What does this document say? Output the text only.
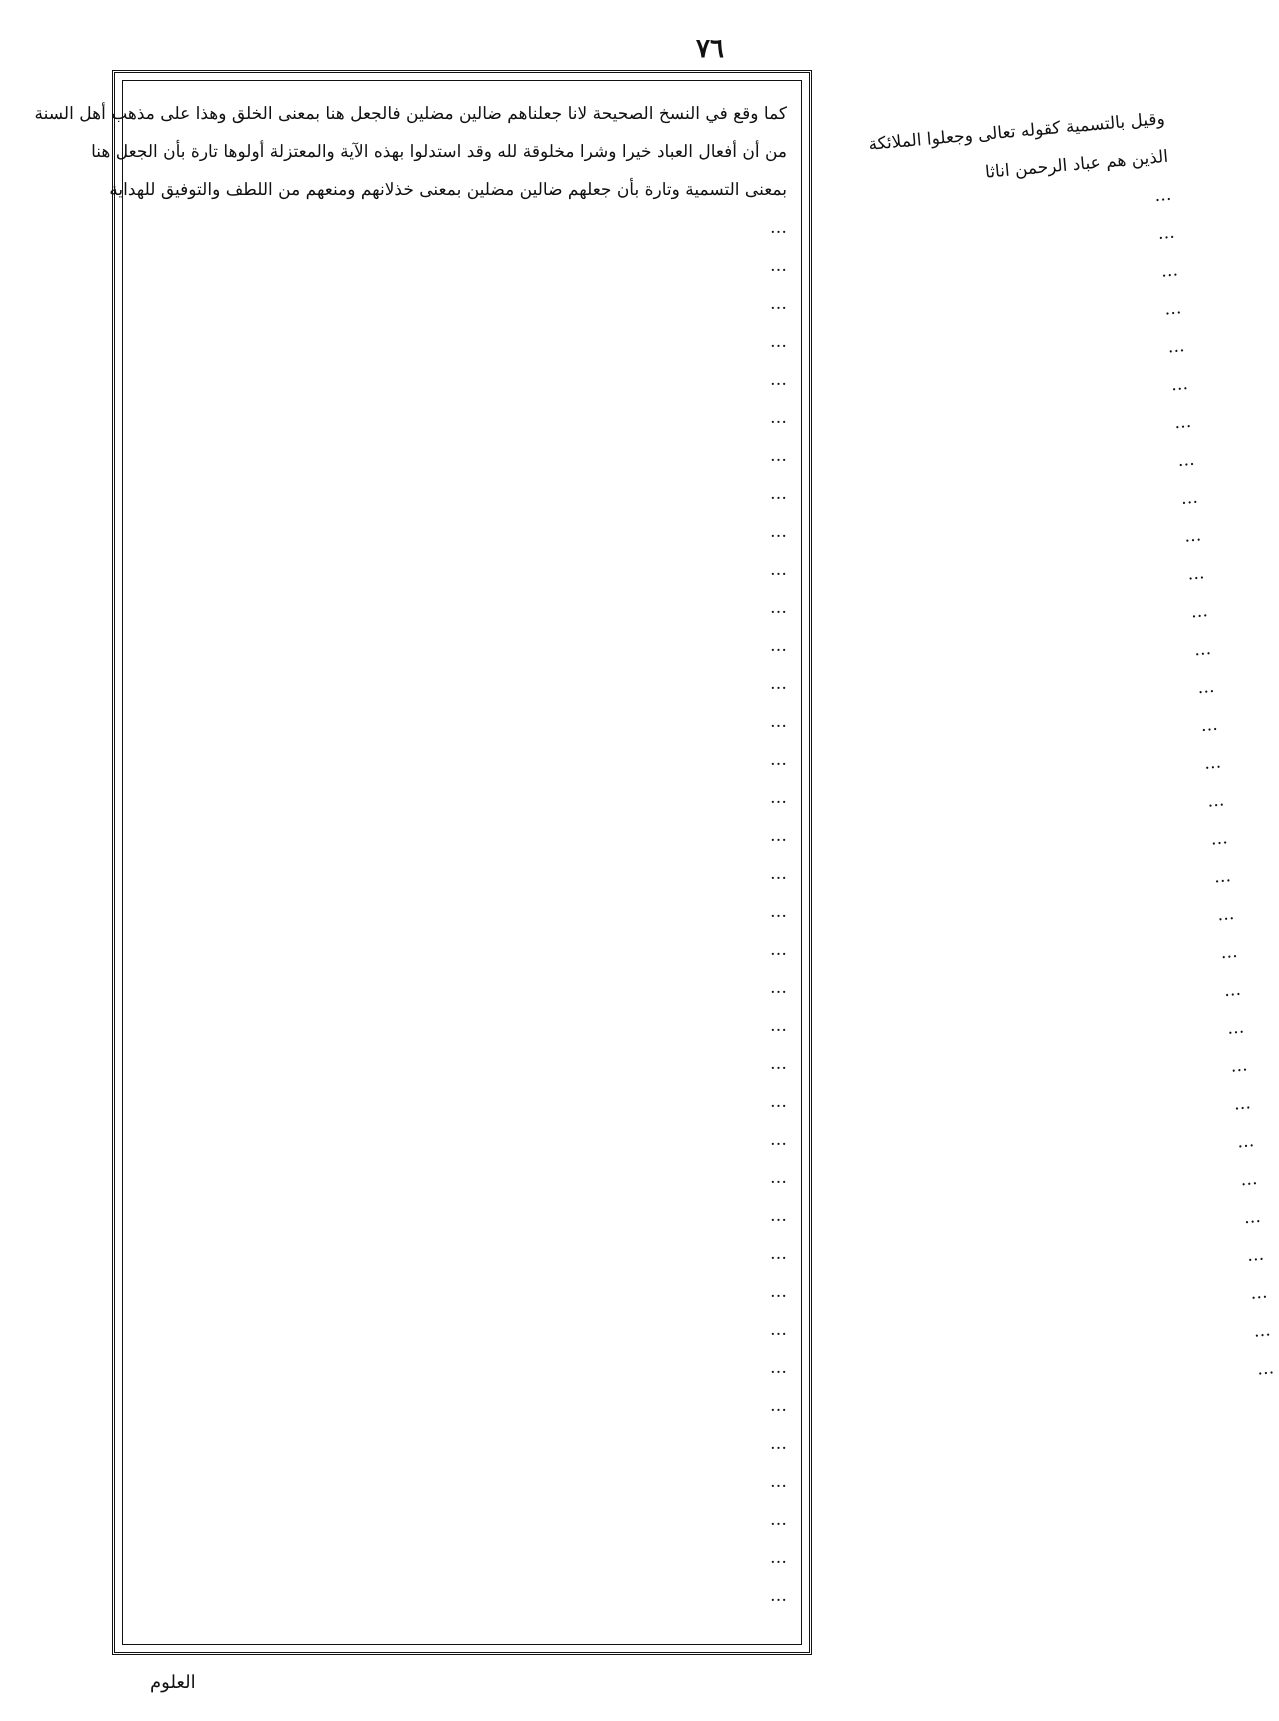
٧٦
كما وقع في النسخ الصحيحة لانا جعلناهم ضالين مضلين فالجعل هنا بمعنى الخلق وهذا على مذهب أهل السنة
من أن أفعال العباد خيرا وشرا مخلوقة لله وقد استدلوا بهذه الآية والمعتزلة أولوها تارة بأن الجعل هنا
بمعنى التسمية وتارة بأن جعلهم ضالين مضلين بمعنى خذلانهم ومنعهم من اللطف والتوفيق للهداية
…
…
…
…
…
…
…
…
…
…
…
…
…
…
…
…
…
…
…
…
…
…
…
…
…
…
…
…
…
…
…
…
…
…
…
…
…
وقيل بالتسمية كقوله تعالى وجعلوا الملائكة
الذين هم عباد الرحمن اناثا
…
…
…
…
…
…
…
…
…
…
…
…
…
…
…
…
…
…
…
…
…
…
…
…
…
…
…
…
…
…
…
…
العلوم
